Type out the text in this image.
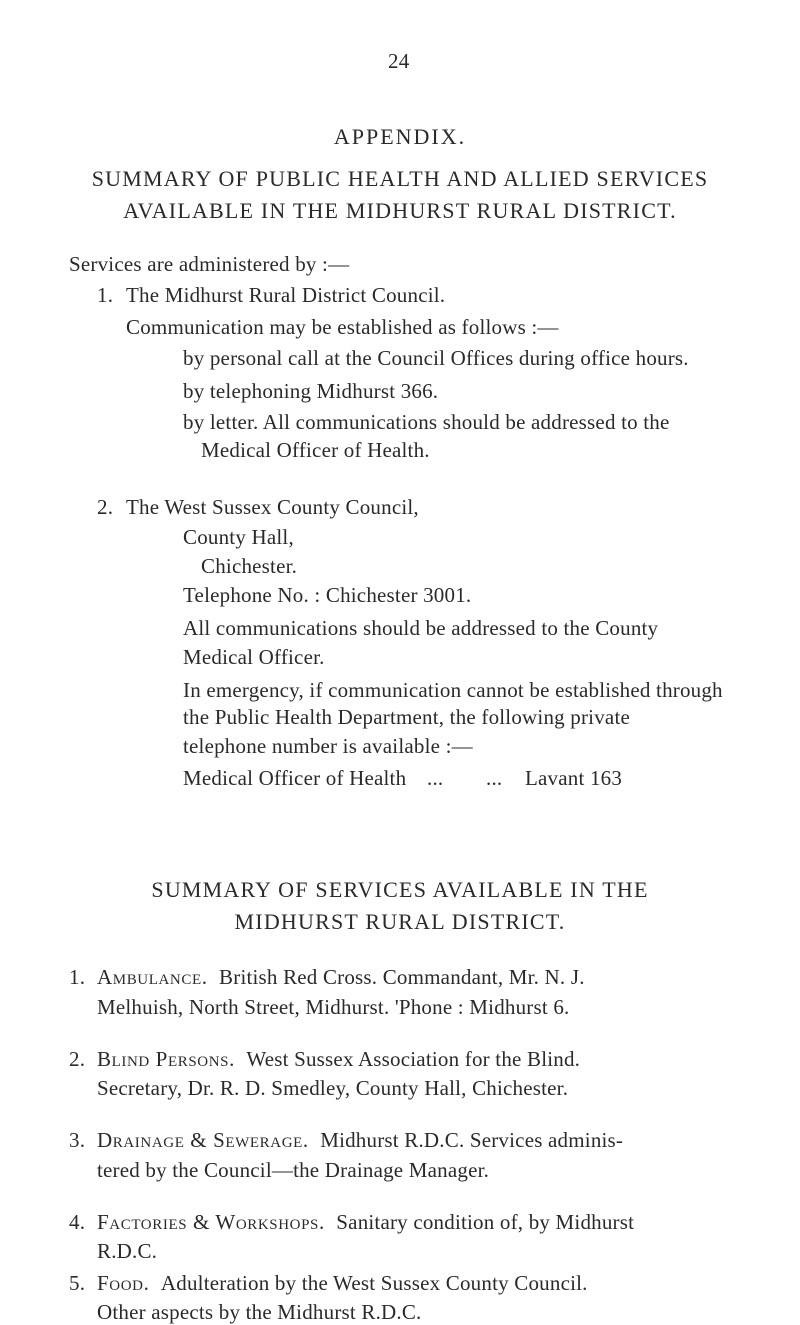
24
APPENDIX.
SUMMARY OF PUBLIC HEALTH AND ALLIED SERVICES
AVAILABLE IN THE MIDHURST RURAL DISTRICT.
Services are administered by :—
1. The Midhurst Rural District Council.
Communication may be established as follows :—
by personal call at the Council Offices during office hours.
by telephoning Midhurst 366.
by letter. All communications should be addressed to the
Medical Officer of Health.
2. The West Sussex County Council,
County Hall,
Chichester.
Telephone No. : Chichester 3001.
All communications should be addressed to the County
Medical Officer.
In emergency, if communication cannot be established through
the Public Health Department, the following private
telephone number is available :—
Medical Officer of Health ... ... Lavant 163
SUMMARY OF SERVICES AVAILABLE IN THE
MIDHURST RURAL DISTRICT.
1. Ambulance. British Red Cross. Commandant, Mr. N. J.
Melhuish, North Street, Midhurst. 'Phone : Midhurst 6.
2. Blind Persons. West Sussex Association for the Blind.
Secretary, Dr. R. D. Smedley, County Hall, Chichester.
3. Drainage & Sewerage. Midhurst R.D.C. Services adminis-
tered by the Council—the Drainage Manager.
4. Factories & Workshops. Sanitary condition of, by Midhurst
R.D.C.
5. Food. Adulteration by the West Sussex County Council.
Other aspects by the Midhurst R.D.C.
